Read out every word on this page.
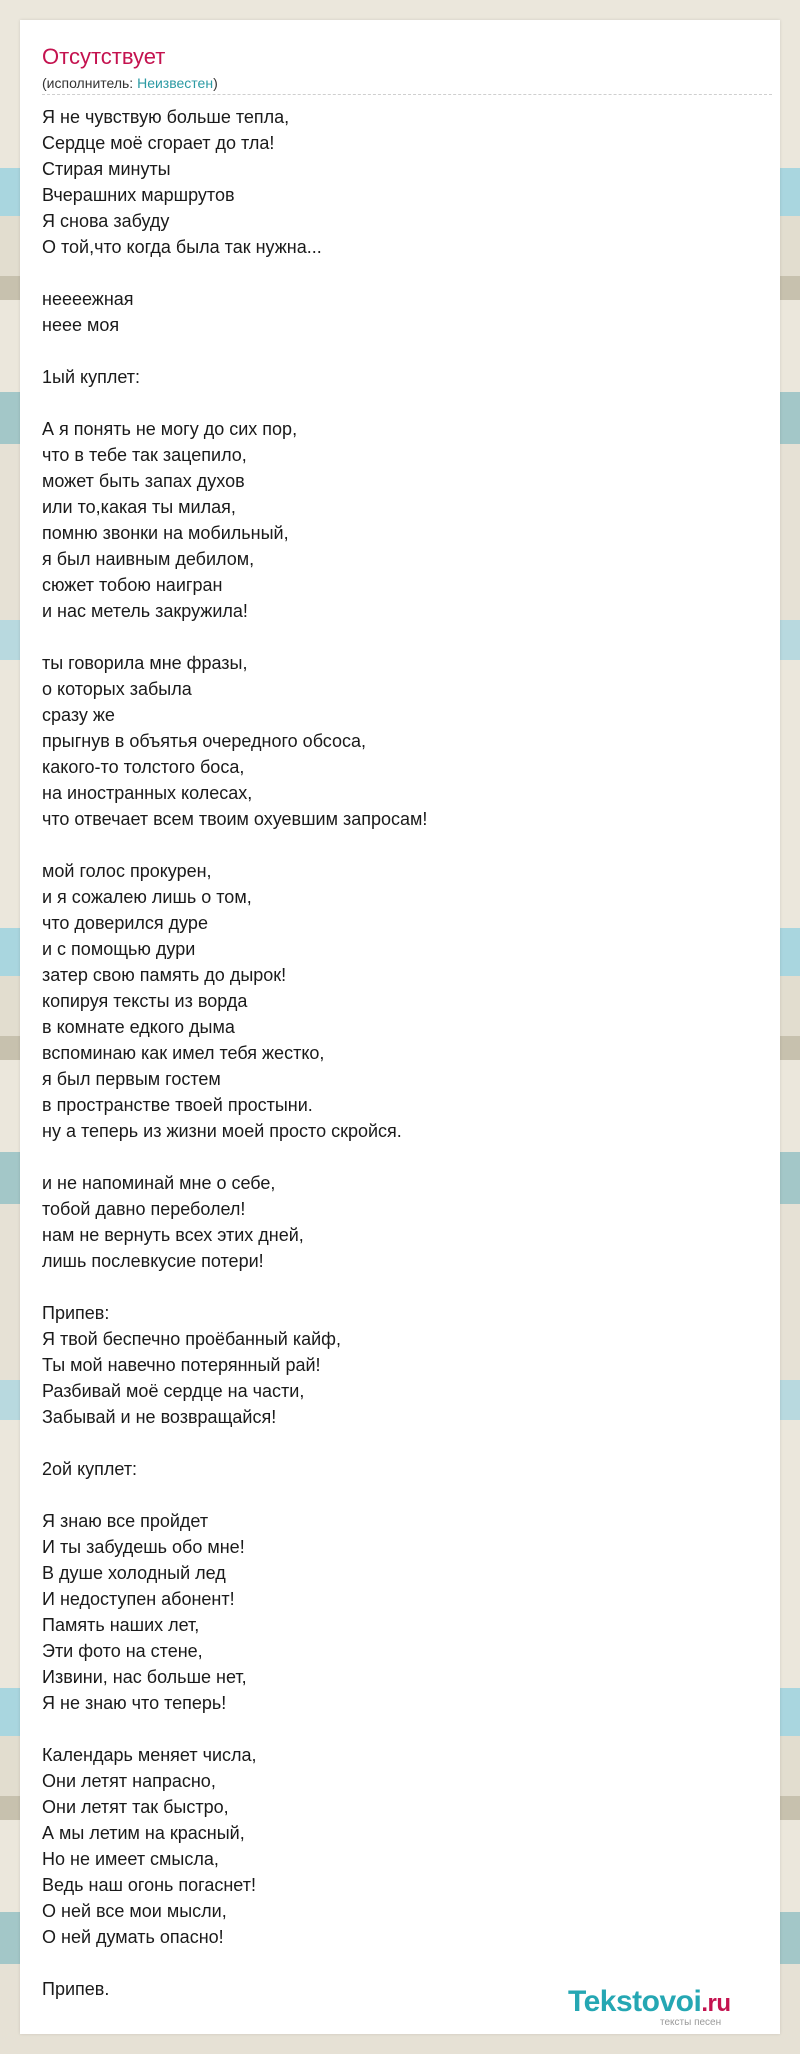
Отсутствует
(исполнитель: Неизвестен)
Я не чувствую больше тепла,
Сердце моё сгорает до тла!
Стирая минуты
Вчерашних маршрутов
Я снова забуду
О той,что когда была так нужна...

неееежная
неее моя

1ый куплет:

А я понять не могу до сих пор,
что в тебе так зацепило,
может быть запах духов
или то,какая ты милая,
помню звонки на мобильный,
я был наивным дебилом,
сюжет тобою наигран
и нас метель закружила!

ты говорила мне фразы,
о которых забыла
сразу же
прыгнув в объятья очередного обсоса,
какого-то толстого боса,
на иностранных колесах,
что отвечает всем твоим охуевшим запросам!

мой голос прокурен,
и я сожалею лишь о том,
что доверился дуре
и с помощью дури
затер свою память до дырок!
копируя тексты из ворда
в комнате едкого дыма
вспоминаю как имел тебя жестко,
я был первым гостем
в пространстве твоей простыни.
ну а теперь из жизни моей просто скройся.

и не напоминай мне о себе,
тобой давно переболел!
нам не вернуть всех этих дней,
лишь послевкусие потери!

Припев:
Я твой беспечно проёбанный кайф,
Ты мой навечно потерянный рай!
Разбивай моё сердце на части,
Забывай и не возвращайся!

2ой куплет:

Я знаю все пройдет
И ты забудешь обо мне!
В душе холодный лед
И недоступен абонент!
Память наших лет,
Эти фото на стене,
Извини, нас больше нет,
Я не знаю что теперь!

Календарь меняет числа,
Они летят напрасно,
Они летят так быстро,
А мы летим на красный,
Но не имеет смысла,
Ведь наш огонь погаснет!
О ней все мои мысли,
О ней думать опасно!

Припев.	Tekstovoi.ru
тексты песен
